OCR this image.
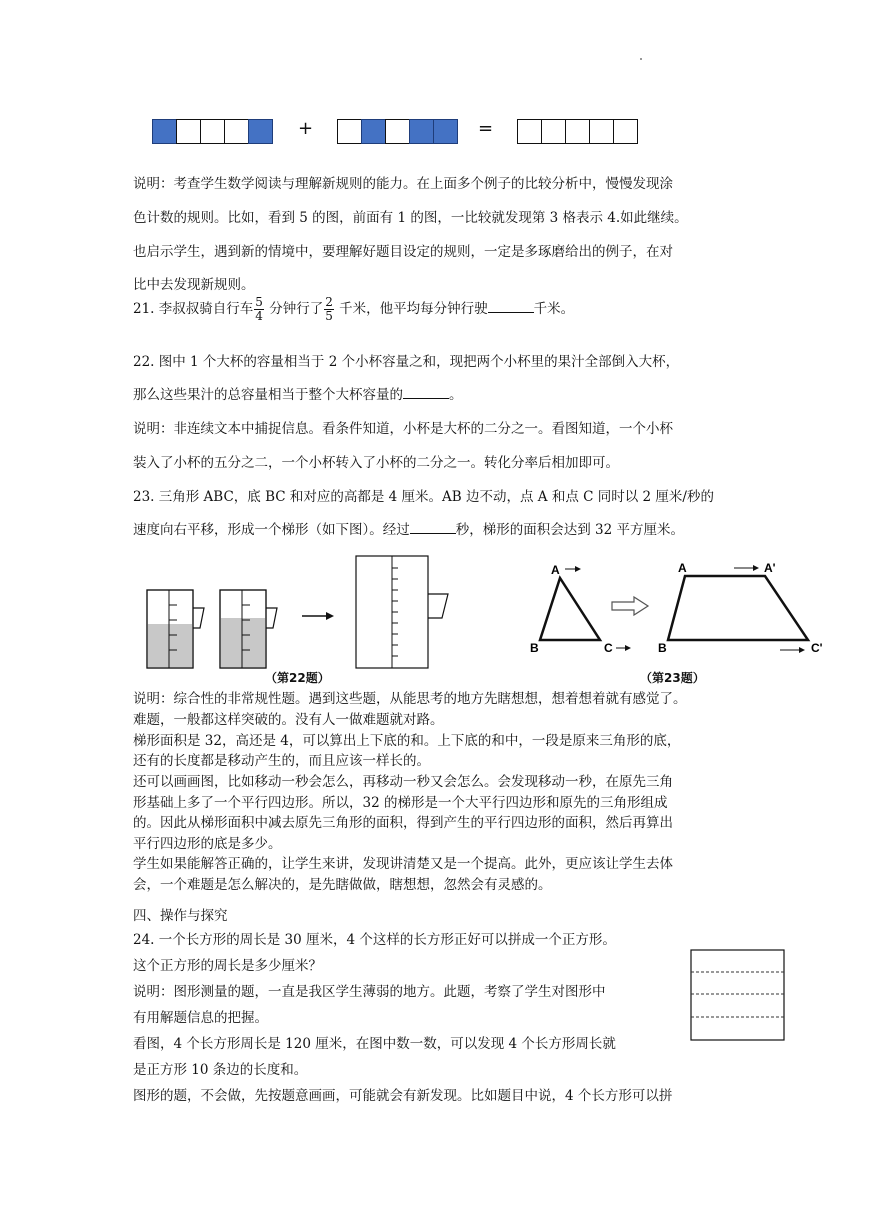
+	=
说明：考查学生数学阅读与理解新规则的能力。在上面多个例子的比较分析中，慢慢发现涂
色计数的规则。比如，看到 5 的图，前面有 1 的图，一比较就发现第 3 格表示 4.如此继续。
也启示学生，遇到新的情境中，要理解好题目设定的规则，一定是多琢磨给出的例子，在对
比中去发现新规则。
21. 李叔叔骑自行车 $\frac{5}{4}$ 分钟行了 $\frac{2}{5}$ 千米，他平均每分钟行驶	千米。
22. 图中 1 个大杯的容量相当于 2 个小杯容量之和，现把两个小杯里的果汁全部倒入大杯，
那么这些果汁的总容量相当于整个大杯容量的	。
说明：非连续文本中捕捉信息。看条件知道，小杯是大杯的二分之一。看图知道，一个小杯
装入了小杯的五分之二，一个小杯转入了小杯的二分之一。转化分率后相加即可。
23. 三角形 ABC，底 BC 和对应的高都是 4 厘米。AB 边不动，点 A 和点 C 同时以 2 厘米/秒的
速度向右平移，形成一个梯形（如下图）。经过	秒，梯形的面积会达到 32 平方厘米。
A
B	C
A	A'
B	C'
（第22题）	（第23题）
说明：综合性的非常规性题。遇到这些题，从能思考的地方先瞎想想，想着想着就有感觉了。
难题，一般都这样突破的。没有人一做难题就对路。
梯形面积是 32，高还是 4，可以算出上下底的和。上下底的和中，一段是原来三角形的底，
还有的长度都是移动产生的，而且应该一样长的。
还可以画画图，比如移动一秒会怎么，再移动一秒又会怎么。会发现移动一秒，在原先三角
形基础上多了一个平行四边形。所以，32 的梯形是一个大平行四边形和原先的三角形组成
的。因此从梯形面积中减去原先三角形的面积，得到产生的平行四边形的面积，然后再算出
平行四边形的底是多少。
学生如果能解答正确的，让学生来讲，发现讲清楚又是一个提高。此外，更应该让学生去体
会，一个难题是怎么解决的，是先瞎做做，瞎想想，忽然会有灵感的。
四、操作与探究
24. 一个长方形的周长是 30 厘米，4 个这样的长方形正好可以拼成一个正方形。
这个正方形的周长是多少厘米？
说明：图形测量的题，一直是我区学生薄弱的地方。此题，考察了学生对图形中
有用解题信息的把握。
看图，4 个长方形周长是 120 厘米，在图中数一数，可以发现 4 个长方形周长就
是正方形 10 条边的长度和。
图形的题，不会做，先按题意画画，可能就会有新发现。比如题目中说，4 个长方形可以拼
